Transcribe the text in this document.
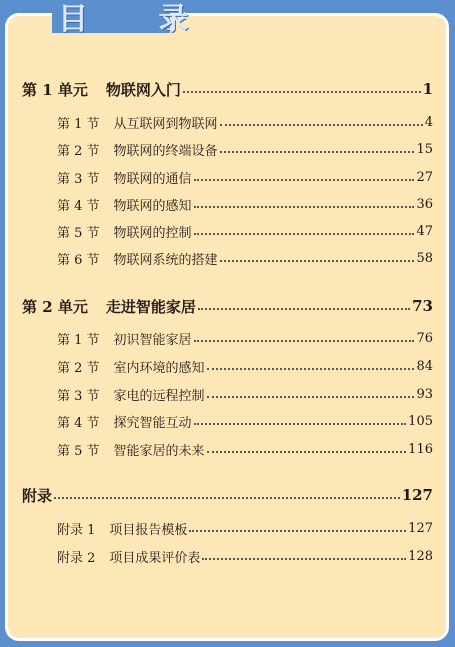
目 录
第 1 单元 物联网入门	1
第 1 节 从互联网到物联网	4
第 2 节 物联网的终端设备	15
第 3 节 物联网的通信	27
第 4 节 物联网的感知	36
第 5 节 物联网的控制	47
第 6 节 物联网系统的搭建	58
第 2 单元 走进智能家居	73
第 1 节 初识智能家居	76
第 2 节 室内环境的感知	84
第 3 节 家电的远程控制	93
第 4 节 探究智能互动	105
第 5 节 智能家居的未来	116
附录	127
附录 1 项目报告模板	127
附录 2 项目成果评价表	128
